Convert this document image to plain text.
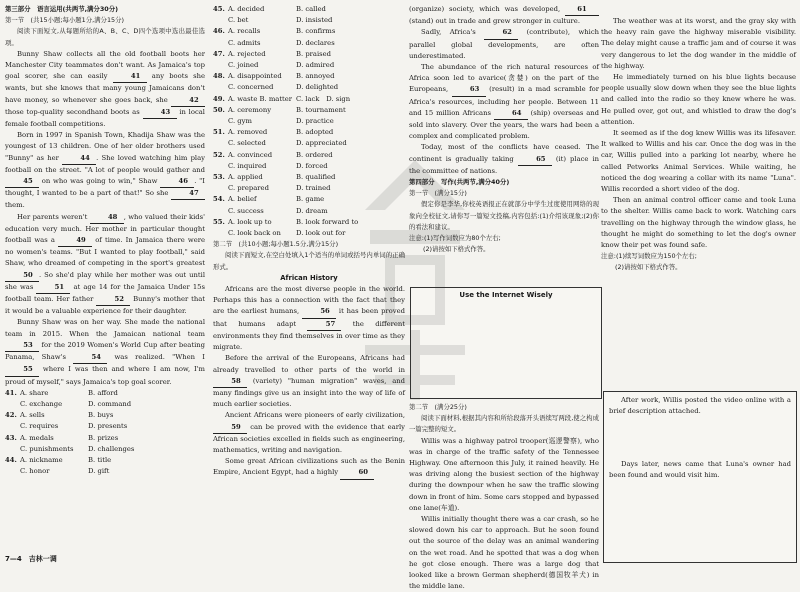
第三部分　语言运用(共两节,满分30分)
第一节　(共15小题;每小题1分,满分15分)

阅读下面短文,从每题所给的A、B、C、D四个选项中选出最佳选项。

Bunny Shaw collects all the old football boots her Manchester City teammates don't want. As Jamaica's top goal scorer, she can easily	41 any boots she wants, but she knows that many young Jamaicans don't have money, so whenever she goes back, she	42 those top-quality secondhand boots as	43 in local female football competitions.

Born in 1997 in Spanish Town, Khadija Shaw was the youngest of 13 children. One of her older brothers used "Bunny" as her	44 . She loved watching him play football on the street. "A lot of people would gather and 45 on who was going to win," Shaw	46 . "I thought, I wanted to be a part of that!" So she	47 them.

Her parents weren't	48 , who valued their kids' education very much. Her mother in particular thought football was a	49 of time. In Jamaica there were no women's teams. "But I wanted to play football," said Shaw, who dreamed of competing in the sport's greatest 50 . So she'd play while her mother was out until she was	51 at age 14 for the Jamaica Under 15s football team. Her father	52 Bunny's mother that it would be a valuable experience for their daughter.

Bunny Shaw was on her way. She made the national team in 2015. When the Jamaican national team 53 for the 2019 Women's World Cup after beating Panama, Shaw's	54 was realized. "When I 55 where I was then and where I am now, I'm proud of myself," says Jamaica's top goal scorer.

41. A. share	B. afford
C. exchange	D. command
42. A. sells	B. buys
C. requires	D. presents
43. A. medals	B. prizes
C. punishments	D. challenges
44. A. nickname	B. title
C. honor	D. gift
45. A. decided	B. called
C. bet	D. insisted
46. A. recalls	B. confirms
C. admits	D. declares
47. A. rejected	B. praised
C. joined	D. admired
48. A. disappointed	B. annoyed
C. concerned	D. delighted
49. A. waste B. matter C. lack　D. sign
50. A. ceremony	B. tournament
C. gym	D. practice
51. A. removed	B. adopted
C. selected	D. appreciated
52. A. convinced	B. ordered
C. inquired	D. forced
53. A. applied	B. qualified
C. prepared	D. trained
54. A. belief	B. game
C. success	D. dream
55. A. look up to	B. look forward to
C. look back on	D. look out for
第二节　(共10小题;每小题1.5分,满分15分)

阅读下面短文,在空白处填入1个适当的单词或括号内单词的正确形式。

African History

Africans are the most diverse people in the world. Perhaps this has a connection with the fact that they are the earliest humans,	56 it has been proved that humans adapt	57	the different environments they find themselves in over time as they migrate.

Before the arrival of the Europeans, Africans had already travelled to other parts of the world in 58 (variety) "human migration" waves, and many findings give us an insight into the way of life of much earlier societies.

Ancient Africans were pioneers of early civilization, 59 can be proved with the evidence that early African societies excelled in fields such as engineering, mathematics, writing and navigation.

Some great African civilizations such as the Benin Empire, Ancient Egypt, had a highly	60

(organize) society, which was developed,	61 (stand) out in trade and grew stronger in culture.

Sadly, Africa's	62 (contribute), which parallel global developments, are often underestimated.

The abundance of the rich natural resources of Africa soon led to avarice(贪婪) on the part of the Europeans,	63 (result) in a mad scramble for Africa's resources, including her people. Between 11 and 15 million Africans	64 (ship) overseas and sold into slavery. Over the years, the wars had been a complex and complicated problem.

Today, most of the conflicts have ceased. The continent is gradually taking	65 (it) place in the committee of nations.

第四部分　写作(共两节,满分40分)
第一节　(满分15分)

假定你是李华,你校英语报正在就部分中学生过度使用网络的现象向全校征文,请你写一篇短文投稿,内容包括:(1)介绍该现象;(2)你的看法和建议。

注意:(1)写作词数应为80个左右;
(2)请按如下格式作答。
Use the Internet Wisely
第二节　(满分25分)

阅读下面材料,根据其内容和所给段落开头语续写两段,使之构成一篇完整的短文。

Willis was a highway patrol trooper(巡逻警察), who was in charge of the traffic safety of the Tennessee Highway. One afternoon this July, it rained heavily. He was driving along the busiest section of the highway during the downpour when he saw the traffic slowing down in front of him. Some cars stopped and bypassed one lane(车道).

Willis initially thought there was a car crash, so he slowed down his car to approach. But he soon found out the source of the delay was an animal wandering on the wet road. And he spotted that was a dog when he got close enough. There was a large dog that looked like a brown German shepherd(德国牧羊犬) in the middle lane.

The weather was at its worst, and the gray sky with the heavy rain gave the highway miserable visibility. The delay might cause a traffic jam and of course it was very dangerous to let the dog wander in the middle of the highway.

He immediately turned on his blue lights because people usually slow down when they see the blue lights and called into the radio so they knew where he was. He pulled over, got out, and whistled to draw the dog's attention.

It seemed as if the dog knew Willis was its lifesaver. It walked to Willis and his car. Once the dog was in the car, Willis pulled into a parking lot nearby, where he called Petworks Animal Services. While waiting, he noticed the dog wearing a collar with its name "Luna". Willis recorded a short video of the dog.

Then an animal control officer came and took Luna to the shelter. Willis came back to work. Watching cars travelling on the highway through the window glass, he thought he might do something to let the dog's owner know their pet was found safe.

注意:(1)续写词数应为150个左右;
(2)请按如下格式作答。

After work, Willis posted the video online with a brief description attached.

Days later, news came that Luna's owner had been found and would visit him.

7—4　吉林一调
